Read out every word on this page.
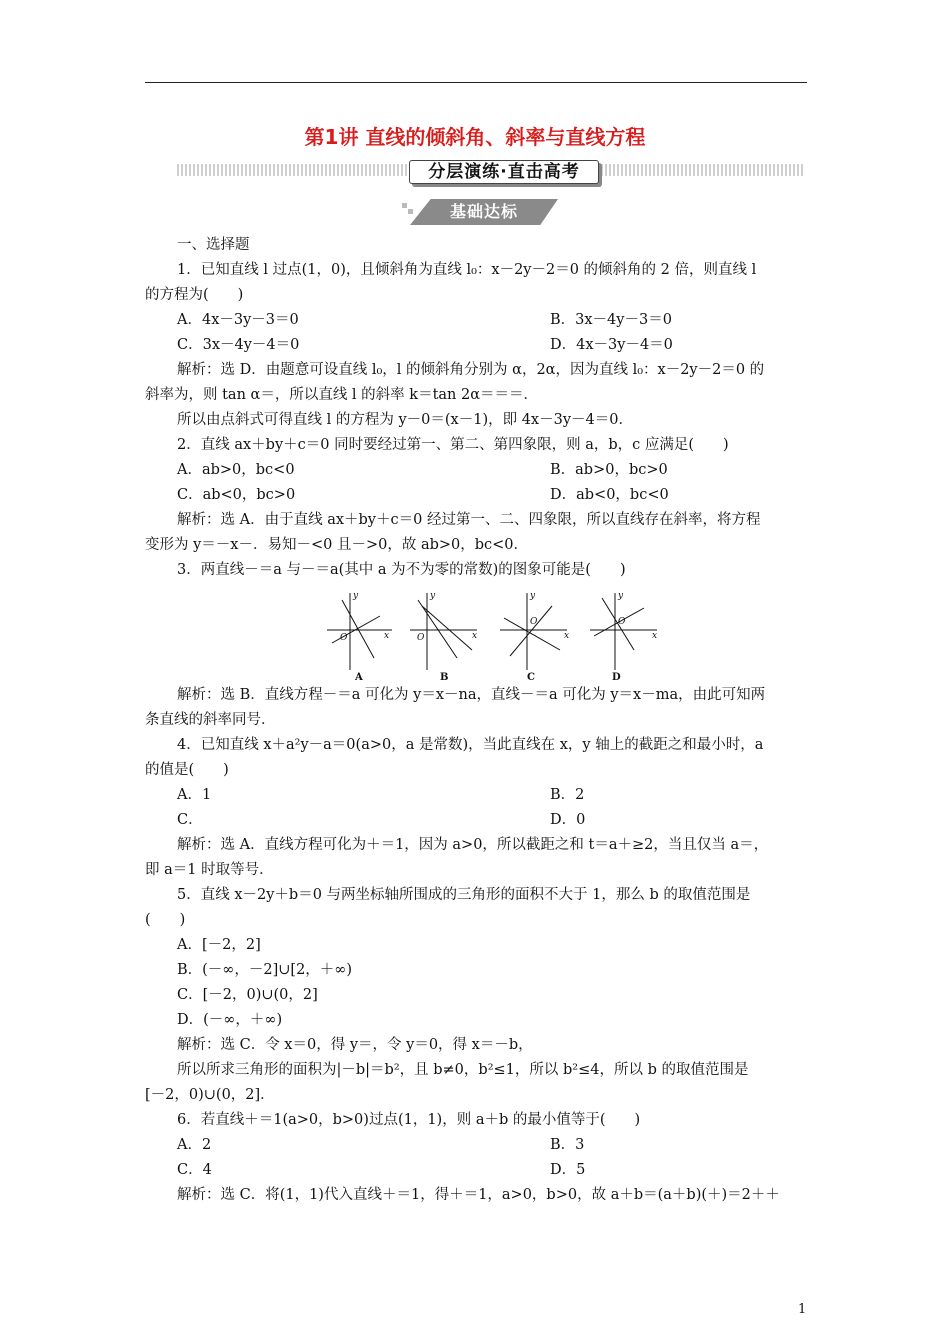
第1讲 直线的倾斜角、斜率与直线方程
分层演练·直击高考
基础达标
一、选择题
1．已知直线 l 过点(1，0)，且倾斜角为直线 l₀：x－2y－2＝0 的倾斜角的 2 倍，则直线 l
的方程为(　　)
A．4x－3y－3＝0	B．3x－4y－3＝0
C．3x－4y－4＝0	D．4x－3y－4＝0
解析：选 D．由题意可设直线 l₀，l 的倾斜角分别为 α，2α，因为直线 l₀：x－2y－2＝0 的
斜率为，则 tan α＝，所以直线 l 的斜率 k＝tan 2α＝＝＝．
所以由点斜式可得直线 l 的方程为 y－0＝(x－1)，即 4x－3y－4＝0．
2．直线 ax＋by＋c＝0 同时要经过第一、第二、第四象限，则 a，b，c 应满足(　　)
A．ab>0，bc<0	B．ab>0，bc>0
C．ab<0，bc>0	D．ab<0，bc<0
解析：选 A．由于直线 ax＋by＋c＝0 经过第一、二、四象限，所以直线存在斜率，将方程
变形为 y＝－x－．易知－<0 且－>0，故 ab>0，bc<0．
3．两直线－＝a 与－＝a(其中 a 为不为零的常数)的图象可能是(　　)
y
x
O
y
x
O
y
x
O
y
x
O
A	B	C	D
解析：选 B．直线方程－＝a 可化为 y＝x－na，直线－＝a 可化为 y＝x－ma，由此可知两
条直线的斜率同号．
4．已知直线 x＋a²y－a＝0(a>0，a 是常数)，当此直线在 x，y 轴上的截距之和最小时，a
的值是(　　)
A．1	B．2
C．	D．0
解析：选 A．直线方程可化为＋＝1，因为 a>0，所以截距之和 t＝a＋≥2，当且仅当 a＝，
即 a＝1 时取等号．
5．直线 x－2y＋b＝0 与两坐标轴所围成的三角形的面积不大于 1，那么 b 的取值范围是
(　　)
A．[－2，2]
B．(－∞，－2]∪[2，＋∞)
C．[－2，0)∪(0，2]
D．(－∞，＋∞)
解析：选 C．令 x＝0，得 y＝，令 y＝0，得 x＝－b，
所以所求三角形的面积为|－b|＝b²，且 b≠0，b²≤1，所以 b²≤4，所以 b 的取值范围是
[－2，0)∪(0，2]．
6．若直线＋＝1(a>0，b>0)过点(1，1)，则 a＋b 的最小值等于(　　)
A．2	B．3
C．4	D．5
解析：选 C．将(1，1)代入直线＋＝1，得＋＝1，a>0，b>0，故 a＋b＝(a＋b)(＋)＝2＋＋
1
